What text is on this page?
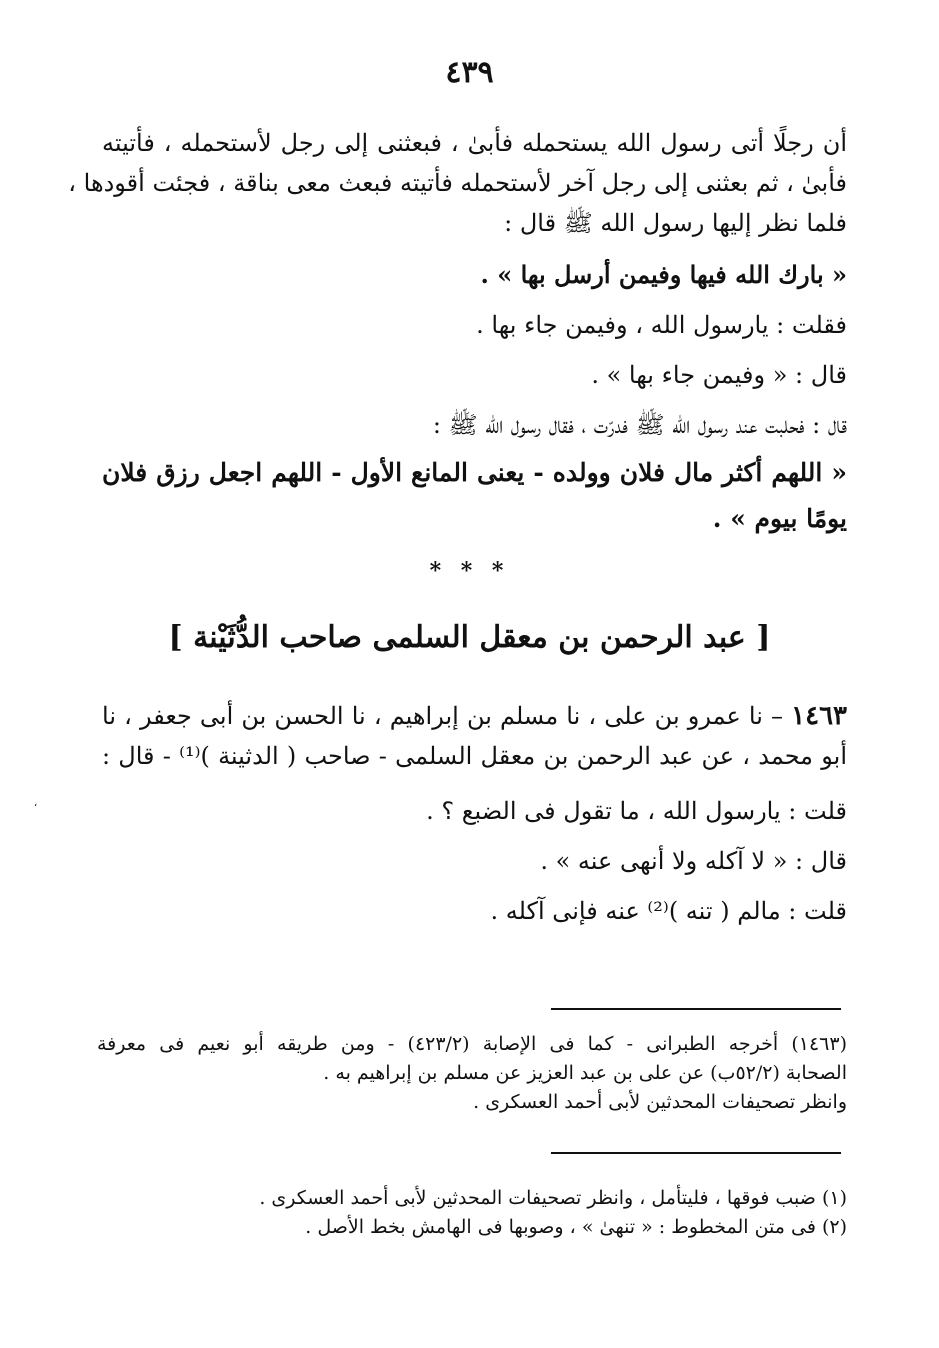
٤٣٩
أن رجلًا أتى رسول الله يستحمله فأبىٰ ، فبعثنى إلى رجل لأستحمله ، فأتيته
فأبىٰ ، ثم بعثنى إلى رجل آخر لأستحمله فأتيته فبعث معى بناقة ، فجئت أقودها ،
فلما نظر إليها رسول الله ﷺ قال :
« بارك الله فيها وفيمن أرسل بها » .
فقلت : يارسول الله ، وفيمن جاء بها .
قال : « وفيمن جاء بها » .
قال : فحلبت عند رسول الله ﷺ فدرّت ، فقال رسول الله ﷺ :
« اللهم أكثر مال فلان وولده - يعنى المانع الأول - اللهم اجعل رزق فلان
يومًا بيوم » .
* * *
[ عبد الرحمن بن معقل السلمى صاحب الدُّثَيْنة ]
١٤٦٣ – نا عمرو بن على ، نا مسلم بن إبراهيم ، نا الحسن بن أبى جعفر ، نا
أبو محمد ، عن عبد الرحمن بن معقل السلمى - صاحب ( الدثينة )⁽¹⁾ - قال :
قلت : يارسول الله ، ما تقول فى الضبع ؟ .
قال : « لا آكله ولا أنهى عنه » .
قلت : مالم ( تنه )⁽²⁾ عنه فإنى آكله .
(١٤٦٣) أخرجه الطبرانى - كما فى الإصابة (٤٢٣/٢) - ومن طريقه أبو نعيم فى معرفة
الصحابة (٥٢/٢ب) عن على بن عبد العزيز عن مسلم بن إبراهيم به .
وانظر تصحيفات المحدثين لأبى أحمد العسكرى .
(١) ضبب فوقها ، فليتأمل ، وانظر تصحيفات المحدثين لأبى أحمد العسكرى .
(٢) فى متن المخطوط : « تنهىٰ » ، وصوبها فى الهامش بخط الأصل .
،
